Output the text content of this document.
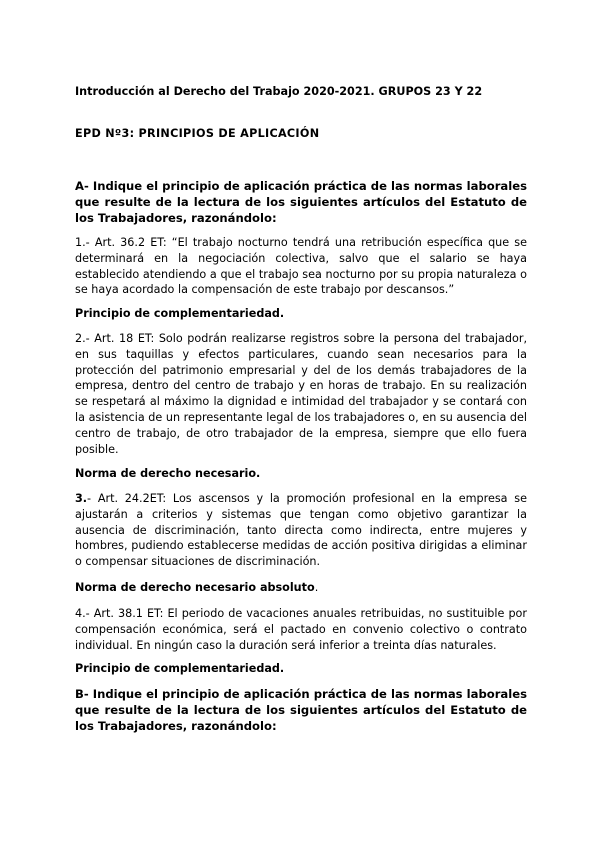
Introducción al Derecho del Trabajo 2020-2021. GRUPOS 23 Y 22

EPD Nº3: PRINCIPIOS DE APLICACIÓN

A- Indique el principio de aplicación práctica de las normas laborales que resulte de la lectura de los siguientes artículos del Estatuto de los Trabajadores, razonándolo:

1.- Art. 36.2 ET: “El trabajo nocturno tendrá una retribución específica que se determinará en la negociación colectiva, salvo que el salario se haya establecido atendiendo a que el trabajo sea nocturno por su propia naturaleza o se haya acordado la compensación de este trabajo por descansos.”

Principio de complementariedad.

2.- Art. 18 ET: Solo podrán realizarse registros sobre la persona del trabajador, en sus taquillas y efectos particulares, cuando sean necesarios para la protección del patrimonio empresarial y del de los demás trabajadores de la empresa, dentro del centro de trabajo y en horas de trabajo. En su realización se respetará al máximo la dignidad e intimidad del trabajador y se contará con la asistencia de un representante legal de los trabajadores o, en su ausencia del centro de trabajo, de otro trabajador de la empresa, siempre que ello fuera posible.

Norma de derecho necesario.

3.- Art. 24.2ET: Los ascensos y la promoción profesional en la empresa se ajustarán a criterios y sistemas que tengan como objetivo garantizar la ausencia de discriminación, tanto directa como indirecta, entre mujeres y hombres, pudiendo establecerse medidas de acción positiva dirigidas a eliminar o compensar situaciones de discriminación.

Norma de derecho necesario absoluto.

4.- Art. 38.1 ET: El periodo de vacaciones anuales retribuidas, no sustituible por compensación económica, será el pactado en convenio colectivo o contrato individual. En ningún caso la duración será inferior a treinta días naturales.

Principio de complementariedad.

B- Indique el principio de aplicación práctica de las normas laborales que resulte de la lectura de los siguientes artículos del Estatuto de los Trabajadores, razonándolo:
